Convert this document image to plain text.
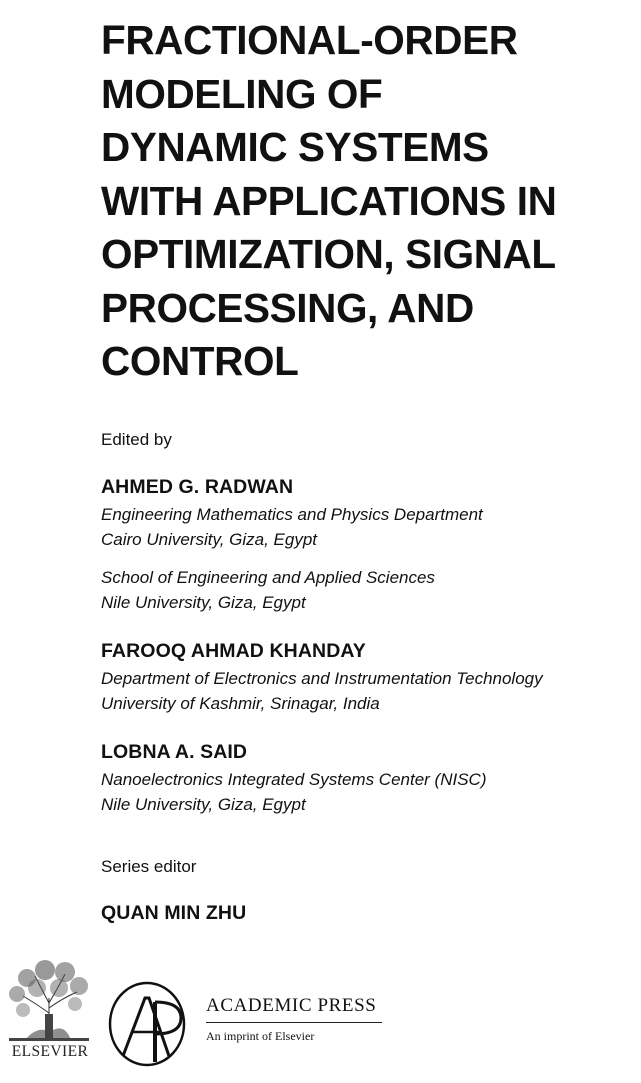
FRACTIONAL-ORDER
MODELING OF
DYNAMIC SYSTEMS
WITH APPLICATIONS IN
OPTIMIZATION, SIGNAL
PROCESSING, AND
CONTROL
Edited by
AHMED G. RADWAN
Engineering Mathematics and Physics Department
Cairo University, Giza, Egypt
School of Engineering and Applied Sciences
Nile University, Giza, Egypt
FAROOQ AHMAD KHANDAY
Department of Electronics and Instrumentation Technology
University of Kashmir, Srinagar, India
LOBNA A. SAID
Nanoelectronics Integrated Systems Center (NISC)
Nile University, Giza, Egypt
Series editor
QUAN MIN ZHU
ELSEVIER
ACADEMIC PRESS
An imprint of Elsevier
